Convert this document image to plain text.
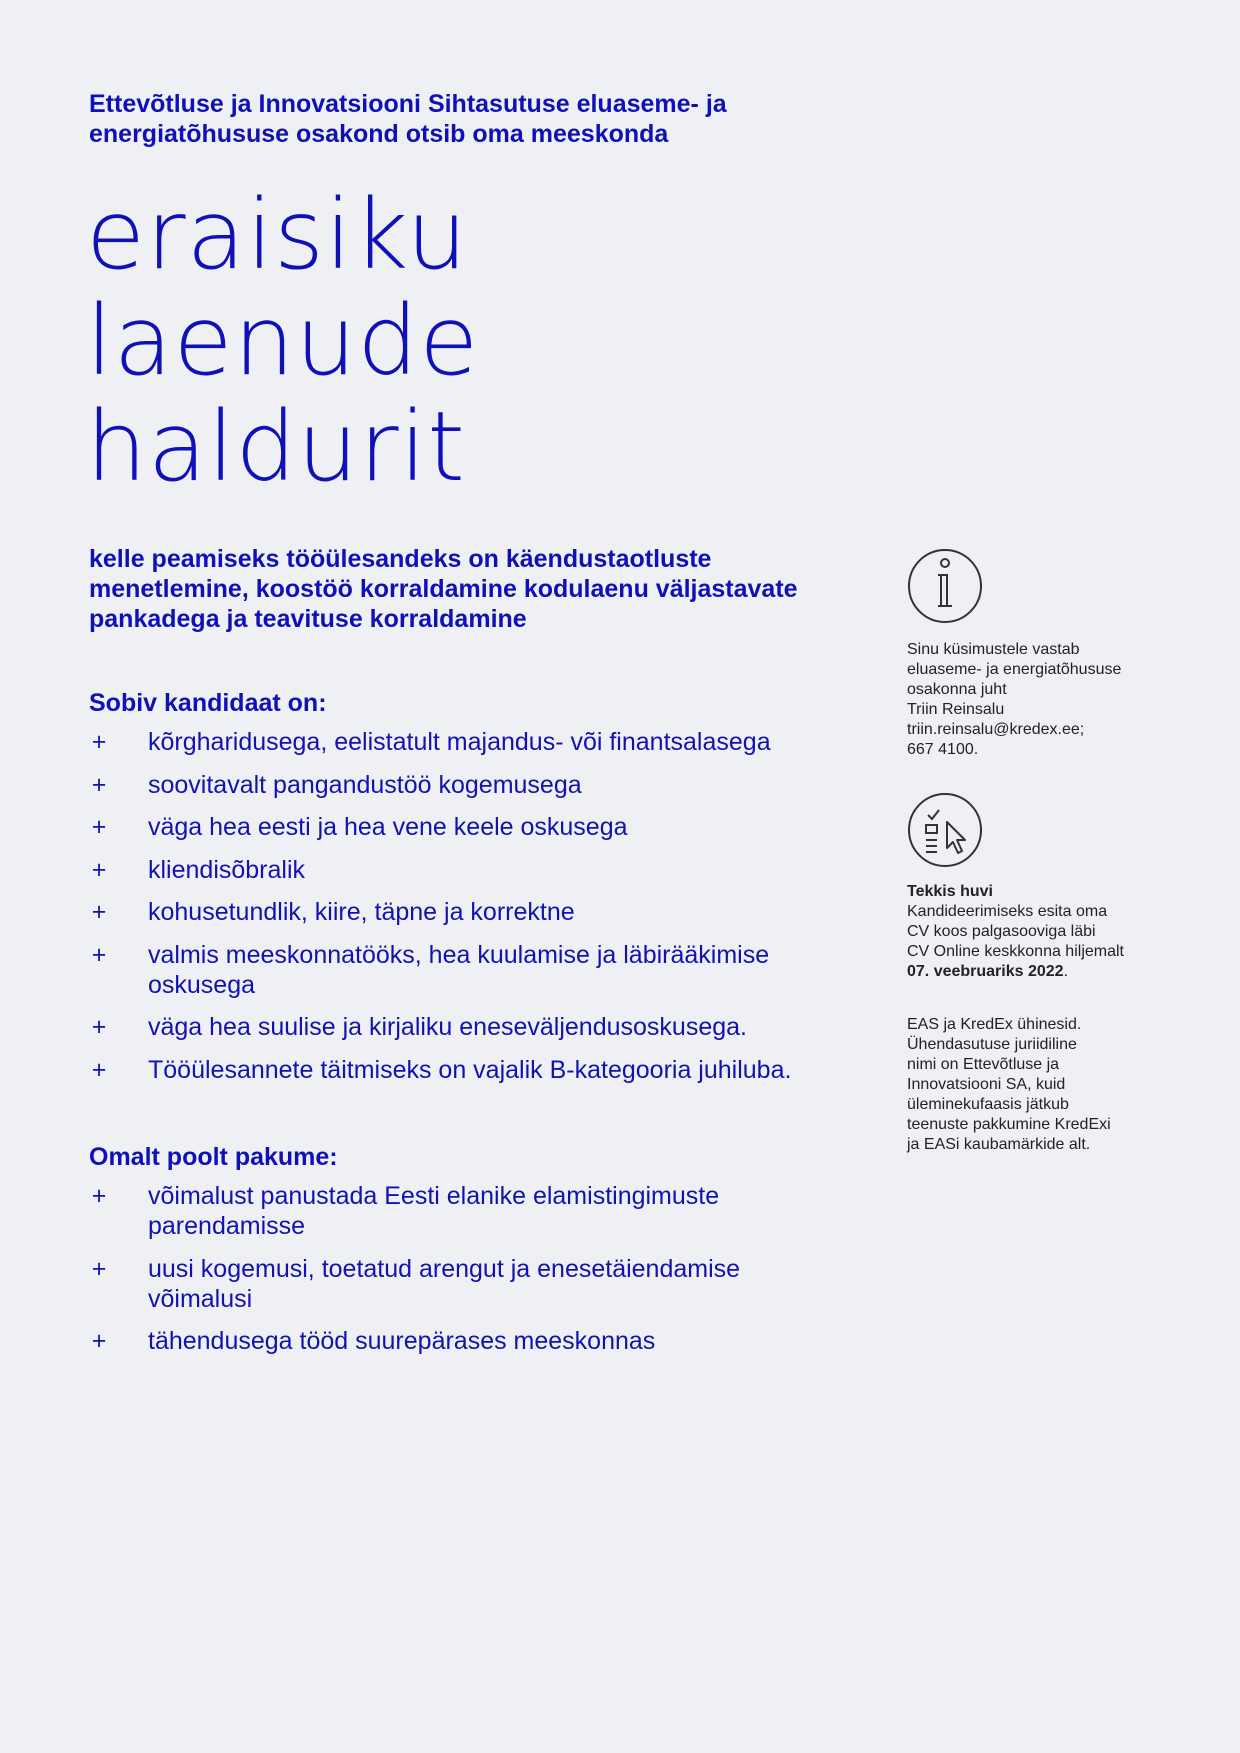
Ettevõtluse ja Innovatsiooni Sihtasutuse eluaseme- ja
energiatõhususe osakond otsib oma meeskonda

eraisiku
laenude
haldurit

kelle peamiseks tööülesandeks on käendustaotluste
menetlemine, koostöö korraldamine kodulaenu väljastavate
pankadega ja teavituse korraldamine

Sobiv kandidaat on:
+ kõrgharidusega, eelistatult majandus- või finantsalasega
+ soovitavalt pangandustöö kogemusega
+ väga hea eesti ja hea vene keele oskusega
+ kliendisõbralik
+ kohusetundlik, kiire, täpne ja korrektne
+ valmis meeskonnatööks, hea kuulamise ja läbirääkimise oskusega
+ väga hea suulise ja kirjaliku eneseväljendusoskusega.
+ Tööülesannete täitmiseks on vajalik B-kategooria juhiluba.
Omalt poolt pakume:
+ võimalust panustada Eesti elanike elamistingimuste parendamisse
+ uusi kogemusi, toetatud arengut ja enesetäiendamise võimalusi
+ tähendusega tööd suurepärases meeskonnas

Sinu küsimustele vastab
eluaseme- ja energiatõhususe
osakonna juht
Triin Reinsalu
triin.reinsalu@kredex.ee;
667 4100.

Tekkis huvi
Kandideerimiseks esita oma
CV koos palgasooviga läbi
CV Online keskkonna hiljemalt
07. veebruariks 2022.

EAS ja KredEx ühinesid.
Ühendasutuse juriidiline
nimi on Ettevõtluse ja
Innovatsiooni SA, kuid
üleminekufaasis jätkub
teenuste pakkumine KredExi
ja EASi kaubamärkide alt.
